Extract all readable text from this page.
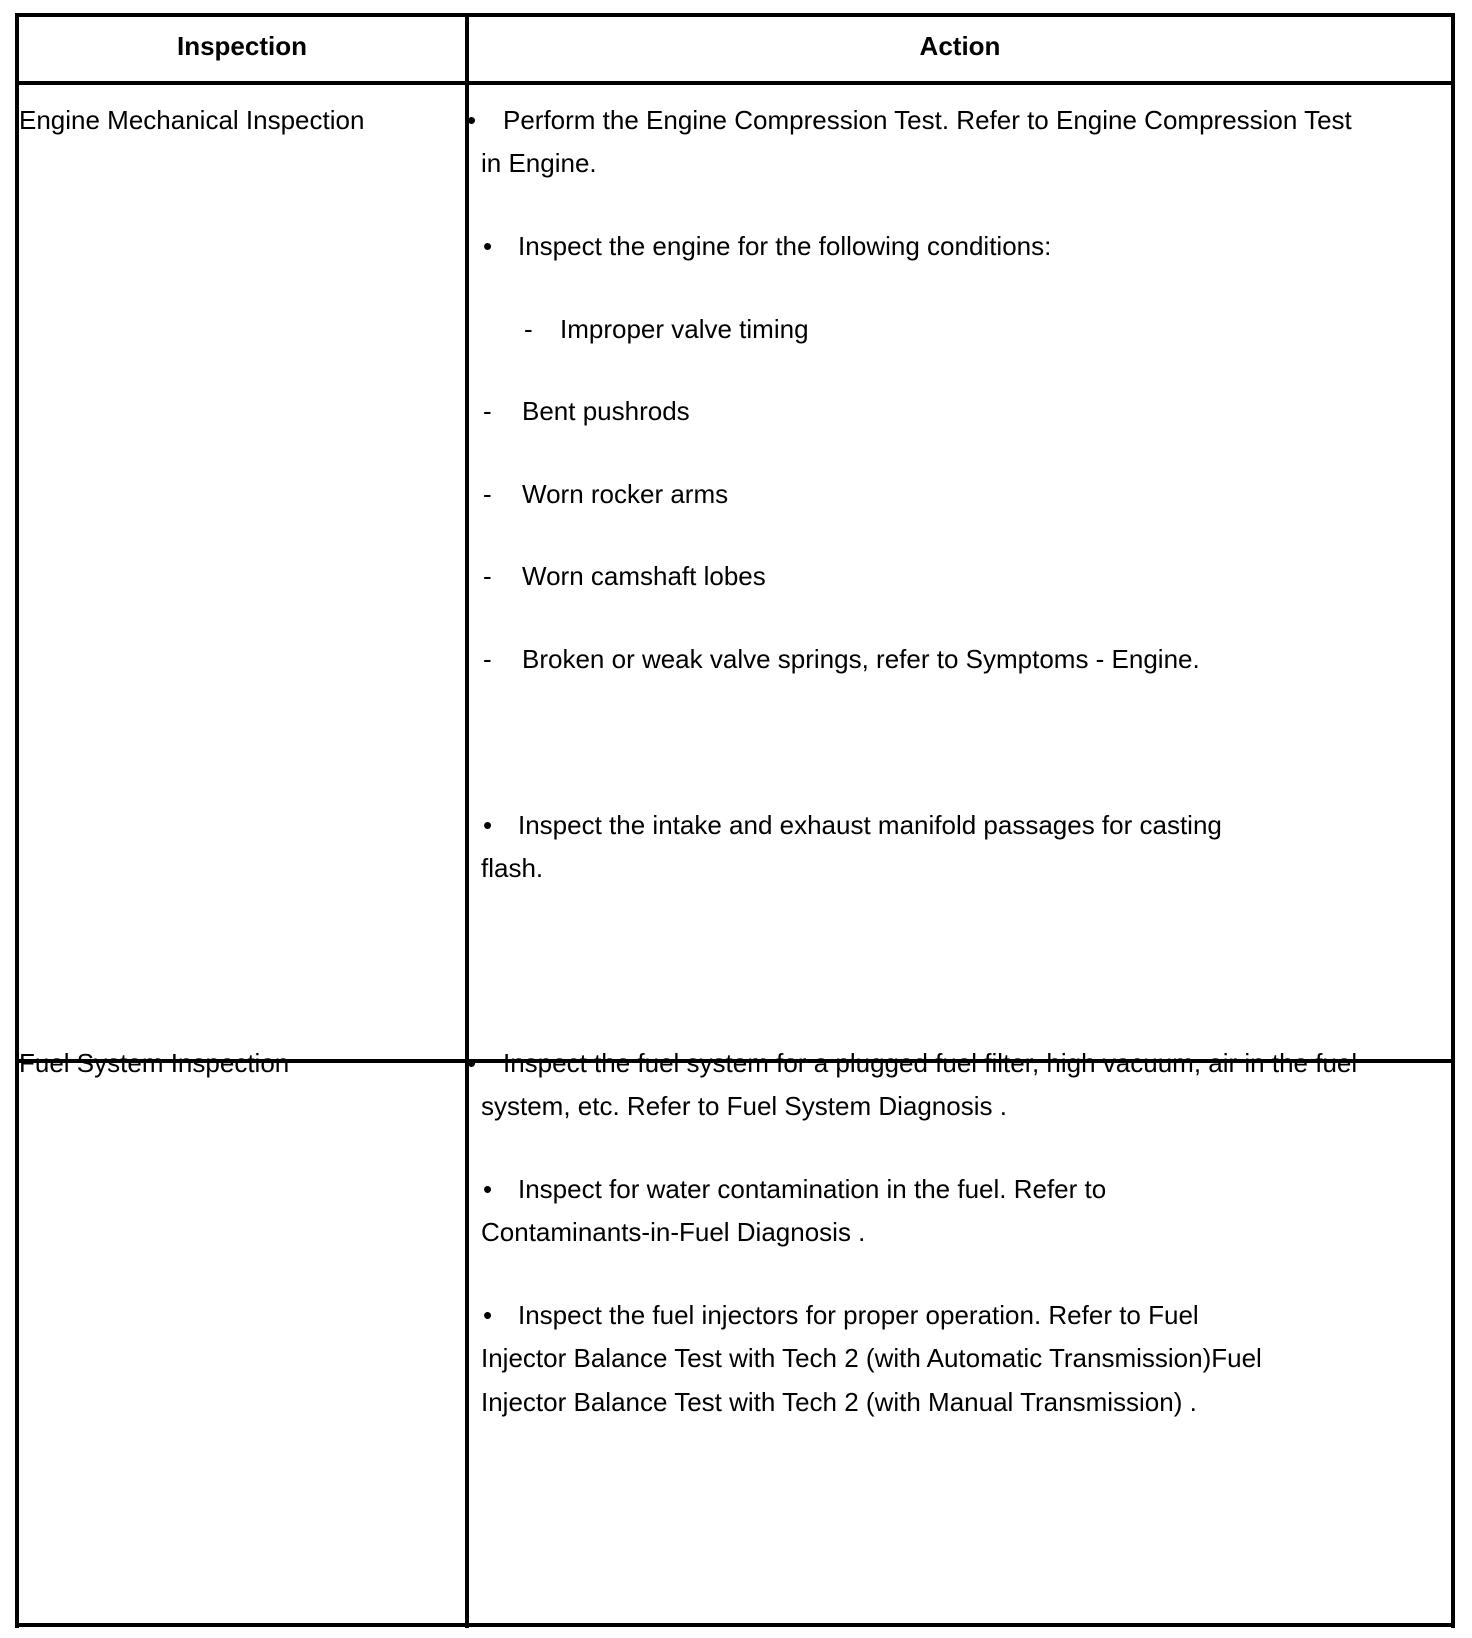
Inspection	Action
Engine Mechanical Inspection	• Perform the Engine Compression Test. Refer to Engine Compression Test
in Engine.
• Inspect the engine for the following conditions:
- Improper valve timing
- Bent pushrods
- Worn rocker arms
- Worn camshaft lobes
- Broken or weak valve springs, refer to Symptoms - Engine.
• Inspect the intake and exhaust manifold passages for casting
flash.
Fuel System Inspection	• Inspect the fuel system for a plugged fuel filter, high vacuum, air in the fuel
system, etc. Refer to Fuel System Diagnosis .
• Inspect for water contamination in the fuel. Refer to
Contaminants-in-Fuel Diagnosis .
• Inspect the fuel injectors for proper operation. Refer to Fuel
Injector Balance Test with Tech 2 (with Automatic Transmission)Fuel
Injector Balance Test with Tech 2 (with Manual Transmission) .
